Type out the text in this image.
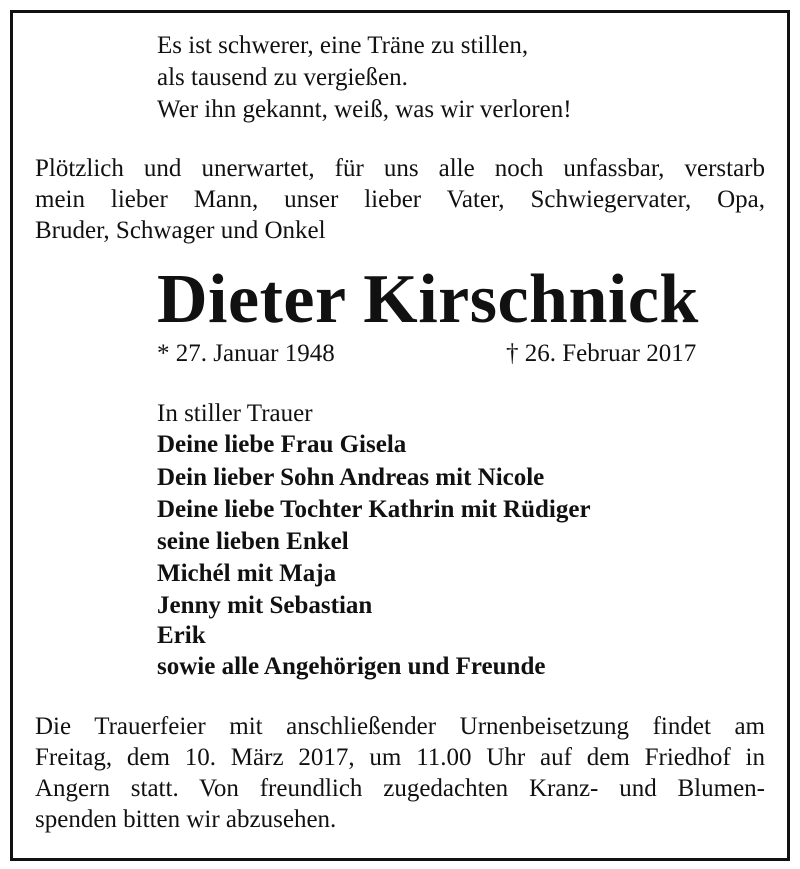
Es ist schwerer, eine Träne zu stillen,
als tausend zu vergießen.
Wer ihn gekannt, weiß, was wir verloren!
Plötzlich und unerwartet, für uns alle noch unfassbar, verstarb
mein lieber Mann, unser lieber Vater, Schwiegervater, Opa,
Bruder, Schwager und Onkel
Dieter Kirschnick
* 27. Januar 1948	† 26. Februar 2017
In stiller Trauer
Deine liebe Frau Gisela
Dein lieber Sohn Andreas mit Nicole
Deine liebe Tochter Kathrin mit Rüdiger
seine lieben Enkel
Michél mit Maja
Jenny mit Sebastian
Erik
sowie alle Angehörigen und Freunde
Die Trauerfeier mit anschließender Urnenbeisetzung findet am
Freitag, dem 10. März 2017, um 11.00 Uhr auf dem Friedhof in
Angern statt. Von freundlich zugedachten Kranz- und Blumen-
spenden bitten wir abzusehen.
